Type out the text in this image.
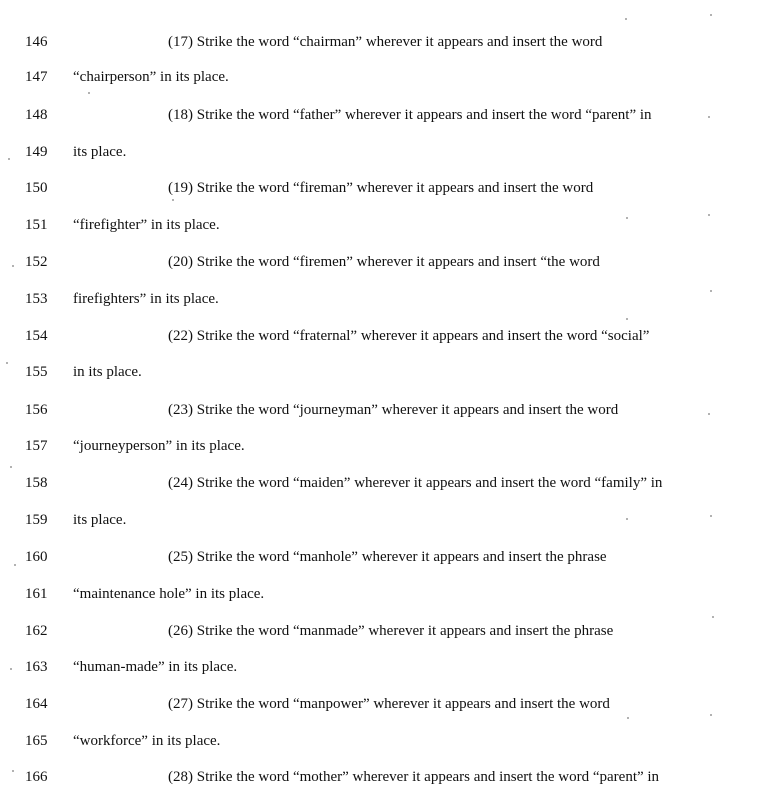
146	(17) Strike the word “chairman” wherever it appears and insert the word
147	“chairperson” in its place.
148	(18) Strike the word “father” wherever it appears and insert the word “parent” in
149	its place.
150	(19) Strike the word “fireman” wherever it appears and insert the word
151	“firefighter” in its place.
152	(20) Strike the word “firemen” wherever it appears and insert “the word
153	firefighters” in its place.
154	(22) Strike the word “fraternal” wherever it appears and insert the word “social”
155	in its place.
156	(23) Strike the word “journeyman” wherever it appears and insert the word
157	“journeyperson” in its place.
158	(24) Strike the word “maiden” wherever it appears and insert the word “family” in
159	its place.
160	(25) Strike the word “manhole” wherever it appears and insert the phrase
161	“maintenance hole” in its place.
162	(26) Strike the word “manmade” wherever it appears and insert the phrase
163	“human-made” in its place.
164	(27) Strike the word “manpower” wherever it appears and insert the word
165	“workforce” in its place.
166	(28) Strike the word “mother” wherever it appears and insert the word “parent” in
